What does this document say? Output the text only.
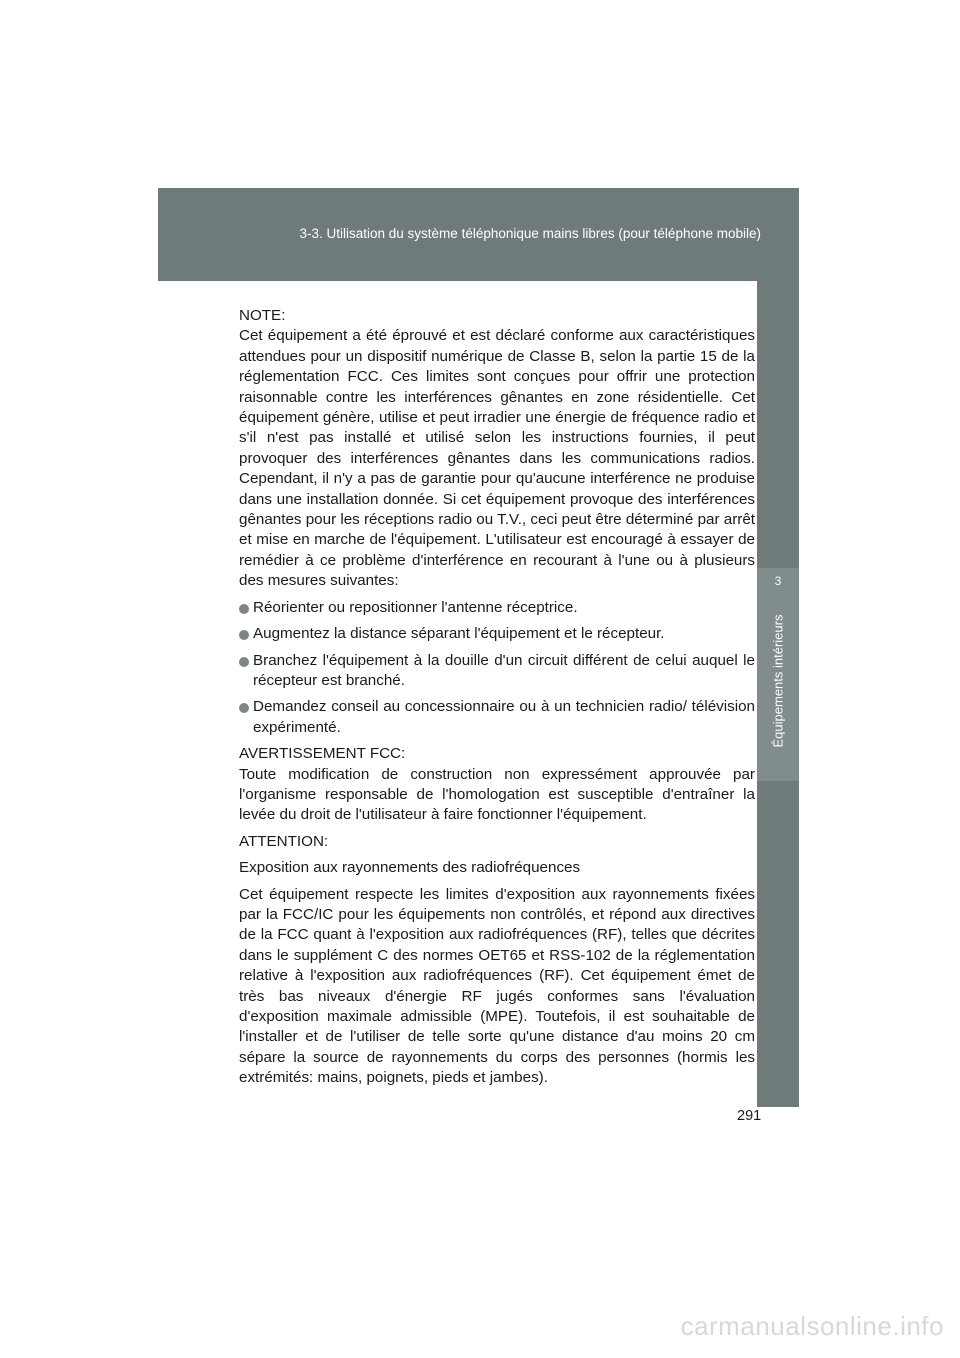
3-3. Utilisation du système téléphonique mains libres (pour téléphone mobile)
3
Équipements intérieurs

NOTE:

Cet équipement a été éprouvé et est déclaré conforme aux caractéristiques attendues pour un dispositif numérique de Classe B, selon la partie 15 de la réglementation FCC. Ces limites sont conçues pour offrir une protection raisonnable contre les interférences gênantes en zone résidentielle. Cet équipement génère, utilise et peut irradier une énergie de fréquence radio et s'il n'est pas installé et utilisé selon les instructions fournies, il peut provoquer des interférences gênantes dans les communications radios. Cependant, il n'y a pas de garantie pour qu'aucune interférence ne produise dans une installation donnée. Si cet équipement provoque des interférences gênantes pour les réceptions radio ou T.V., ceci peut être déterminé par arrêt et mise en marche de l'équipement. L'utilisateur est encouragé à essayer de remédier à ce problème d'interférence en recourant à l'une ou à plusieurs des mesures suivantes:

Réorienter ou repositionner l'antenne réceptrice.
Augmentez la distance séparant l'équipement et le récepteur.
Branchez l'équipement à la douille d'un circuit différent de celui auquel le récepteur est branché.
Demandez conseil au concessionnaire ou à un technicien radio/ télévision expérimenté.

AVERTISSEMENT FCC:

Toute modification de construction non expressément approuvée par l'organisme responsable de l'homologation est susceptible d'entraîner la levée du droit de l'utilisateur à faire fonctionner l'équipement.

ATTENTION:

Exposition aux rayonnements des radiofréquences

Cet équipement respecte les limites d'exposition aux rayonnements fixées par la FCC/IC pour les équipements non contrôlés, et répond aux directives de la FCC quant à l'exposition aux radiofréquences (RF), telles que décrites dans le supplément C des normes OET65 et RSS-102 de la réglementation relative à l'exposition aux radiofréquences (RF). Cet équipement émet de très bas niveaux d'énergie RF jugés conformes sans l'évaluation d'exposition maximale admissible (MPE). Toutefois, il est souhaitable de l'installer et de l'utiliser de telle sorte qu'une distance d'au moins 20 cm sépare la source de rayonnements du corps des personnes (hormis les extrémités: mains, poignets, pieds et jambes).

291
carmanualsonline.info
